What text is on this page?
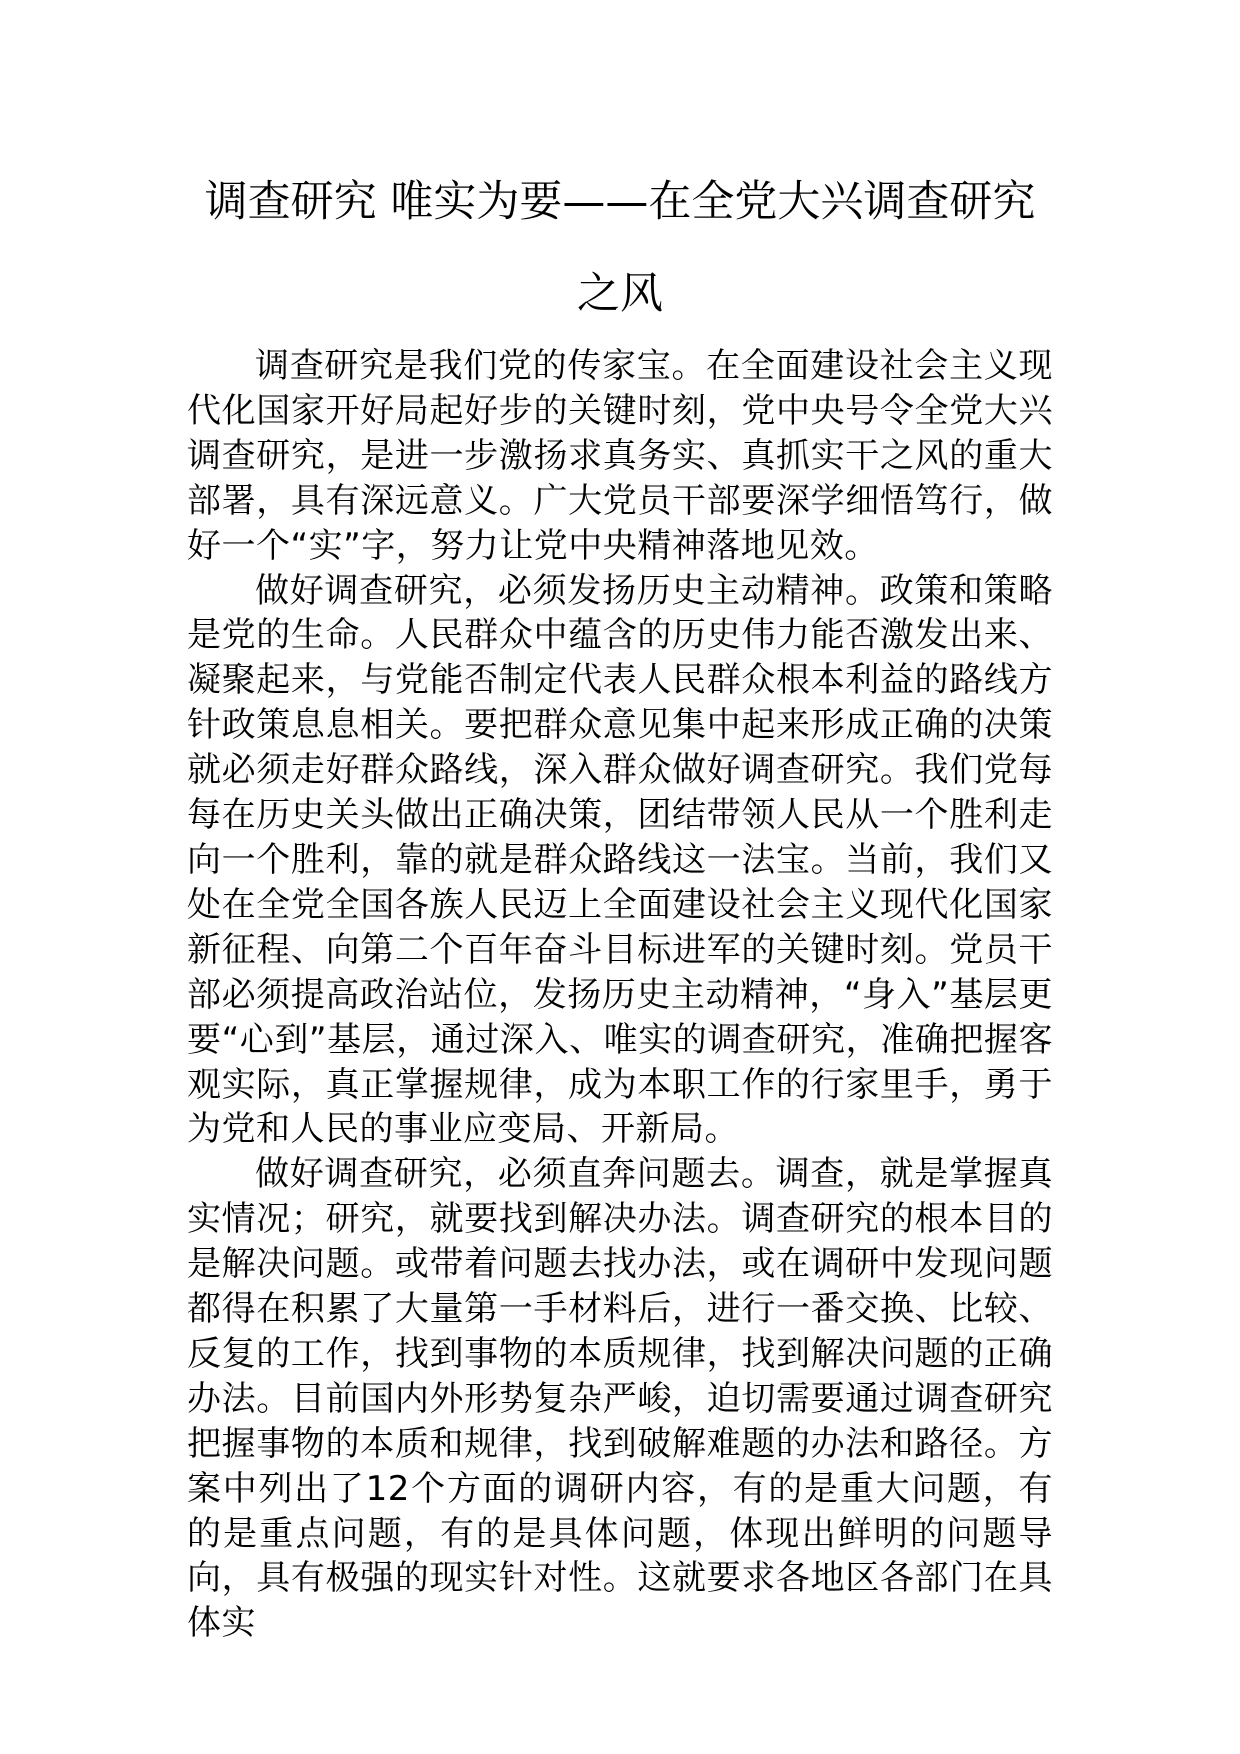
调查研究 唯实为要——在全党大兴调查研究之风

调查研究是我们党的传家宝。在全面建设社会主义现代化国家开好局起好步的关键时刻，党中央号令全党大兴调查研究，是进一步激扬求真务实、真抓实干之风的重大部署，具有深远意义。广大党员干部要深学细悟笃行，做好一个“实”字，努力让党中央精神落地见效。

做好调查研究，必须发扬历史主动精神。政策和策略是党的生命。人民群众中蕴含的历史伟力能否激发出来、凝聚起来，与党能否制定代表人民群众根本利益的路线方针政策息息相关。要把群众意见集中起来形成正确的决策就必须走好群众路线，深入群众做好调查研究。我们党每每在历史关头做出正确决策，团结带领人民从一个胜利走向一个胜利，靠的就是群众路线这一法宝。当前，我们又处在全党全国各族人民迈上全面建设社会主义现代化国家新征程、向第二个百年奋斗目标进军的关键时刻。党员干部必须提高政治站位，发扬历史主动精神，“身入”基层更要“心到”基层，通过深入、唯实的调查研究，准确把握客观实际，真正掌握规律，成为本职工作的行家里手，勇于为党和人民的事业应变局、开新局。

做好调查研究，必须直奔问题去。调查，就是掌握真实情况；研究，就要找到解决办法。调查研究的根本目的是解决问题。或带着问题去找办法，或在调研中发现问题都得在积累了大量第一手材料后，进行一番交换、比较、反复的工作，找到事物的本质规律，找到解决问题的正确办法。目前国内外形势复杂严峻，迫切需要通过调查研究把握事物的本质和规律，找到破解难题的办法和路径。方案中列出了12个方面的调研内容，有的是重大问题，有的是重点问题，有的是具体问题，体现出鲜明的问题导向，具有极强的现实针对性。这就要求各地区各部门在具体实
